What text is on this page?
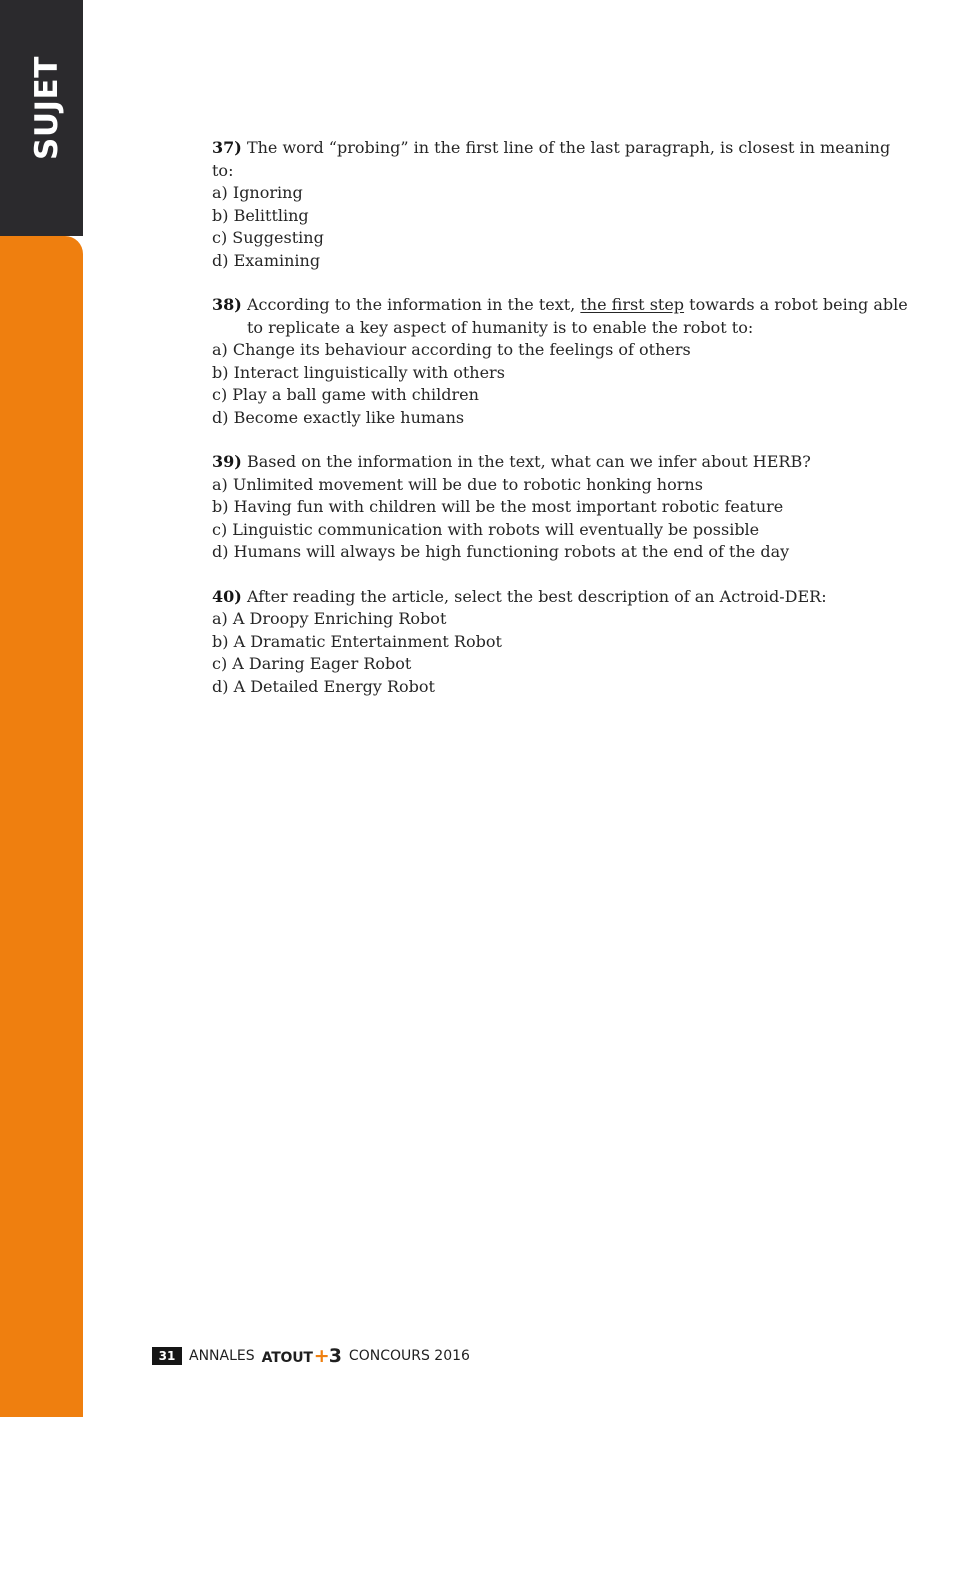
SUJET
ANGLAIS

37) The word “probing” in the first line of the last paragraph, is closest in meaning to:

a) Ignoring
b) Belittling
c) Suggesting
d) Examining

38) According to the information in the text, the first step towards a robot being able
to replicate a key aspect of humanity is to enable the robot to:

a) Change its behaviour according to the feelings of others
b) Interact linguistically with others
c) Play a ball game with children
d) Become exactly like humans

39) Based on the information in the text, what can we infer about HERB?

a) Unlimited movement will be due to robotic honking horns
b) Having fun with children will be the most important robotic feature
c) Linguistic communication with robots will eventually be possible
d) Humans will always be high functioning robots at the end of the day

40) After reading the article, select the best description of an Actroid-DER:

a) A Droopy Enriching Robot
b) A Dramatic Entertainment Robot
c) A Daring Eager Robot
d) A Detailed Energy Robot
31 ANNALES ATOUT+3 CONCOURS 2016
